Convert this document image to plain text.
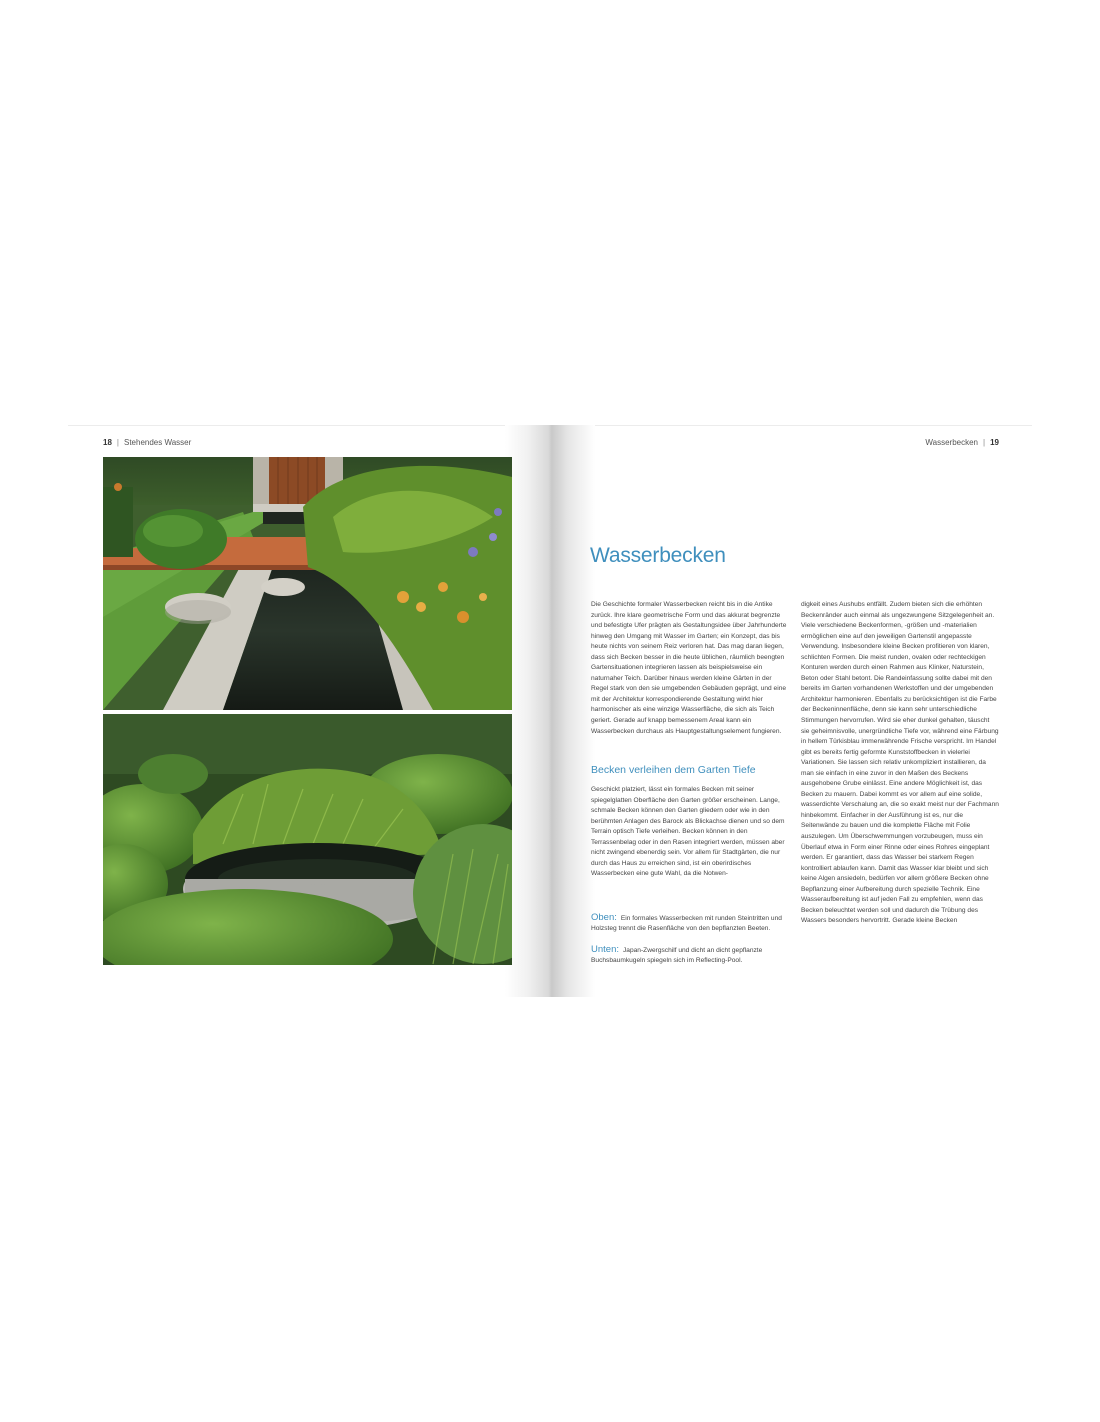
18 | Stehendes Wasser	Wasserbecken | 19
Oben: Ein formales Wasserbecken mit runden Steintritten und Holzsteg trennt die Rasenfläche von den bepflanzten Beeten.
Unten: Japan-Zwergschilf und dicht an dicht gepflanzte Buchsbaumkugeln spiegeln sich im Reflecting-Pool.
Wasserbecken

Die Geschichte formaler Wasserbecken reicht bis in die Antike zurück. Ihre klare geometrische Form und das akkurat begrenzte und befestigte Ufer prägten als Gestaltungsidee über Jahrhunderte hinweg den Umgang mit Wasser im Garten; ein Konzept, das bis heute nichts von seinem Reiz verloren hat. Das mag daran liegen, dass sich Becken besser in die heute üblichen, räumlich beengten Gartensituationen integrieren lassen als beispielsweise ein naturnaher Teich. Darüber hinaus werden kleine Gärten in der Regel stark von den sie umgebenden Gebäuden geprägt, und eine mit der Architektur korrespondierende Gestaltung wirkt hier harmonischer als eine winzige Wasserfläche, die sich als Teich geriert. Gerade auf knapp bemessenem Areal kann ein Wasserbecken durchaus als Hauptgestaltungselement fungieren.

Becken verleihen dem Garten Tiefe

Geschickt platziert, lässt ein formales Becken mit seiner spiegelglatten Oberfläche den Garten größer erscheinen. Lange, schmale Becken können den Garten gliedern oder wie in den berühmten Anlagen des Barock als Blickachse dienen und so dem Terrain optisch Tiefe verleihen. Becken können in den Terrassenbelag oder in den Rasen integriert werden, müssen aber nicht zwingend ebenerdig sein. Vor allem für Stadtgärten, die nur durch das Haus zu erreichen sind, ist ein oberirdisches Wasserbecken eine gute Wahl, da die Notwen-

digkeit eines Aushubs entfällt. Zudem bieten sich die erhöhten Beckenränder auch einmal als ungezwungene Sitzgelegenheit an. Viele verschiedene Beckenformen, -größen und -materialien ermöglichen eine auf den jeweiligen Gartenstil angepasste Verwendung. Insbesondere kleine Becken profitieren von klaren, schlichten Formen. Die meist runden, ovalen oder rechteckigen Konturen werden durch einen Rahmen aus Klinker, Naturstein, Beton oder Stahl betont. Die Randeinfassung sollte dabei mit den bereits im Garten vorhandenen Werkstoffen und der umgebenden Architektur harmonieren. Ebenfalls zu berücksichtigen ist die Farbe der Beckeninnenfläche, denn sie kann sehr unterschiedliche Stimmungen hervorrufen. Wird sie eher dunkel gehalten, täuscht sie geheimnisvolle, unergründliche Tiefe vor, während eine Färbung in hellem Türkisblau immerwährende Frische verspricht. Im Handel gibt es bereits fertig geformte Kunststoffbecken in vielerlei Variationen. Sie lassen sich relativ unkompliziert installieren, da man sie einfach in eine zuvor in den Maßen des Beckens ausgehobene Grube einlässt. Eine andere Möglichkeit ist, das Becken zu mauern. Dabei kommt es vor allem auf eine solide, wasserdichte Verschalung an, die so exakt meist nur der Fachmann hinbekommt. Einfacher in der Ausführung ist es, nur die Seitenwände zu bauen und die komplette Fläche mit Folie auszulegen. Um Überschwemmungen vorzubeugen, muss ein Überlauf etwa in Form einer Rinne oder eines Rohres eingeplant werden. Er garantiert, dass das Wasser bei starkem Regen kontrolliert ablaufen kann. Damit das Wasser klar bleibt und sich keine Algen ansiedeln, bedürfen vor allem größere Becken ohne Bepflanzung einer Aufbereitung durch spezielle Technik. Eine Wasseraufbereitung ist auf jeden Fall zu empfehlen, wenn das Becken beleuchtet werden soll und dadurch die Trübung des Wassers besonders hervortritt. Gerade kleine Becken
